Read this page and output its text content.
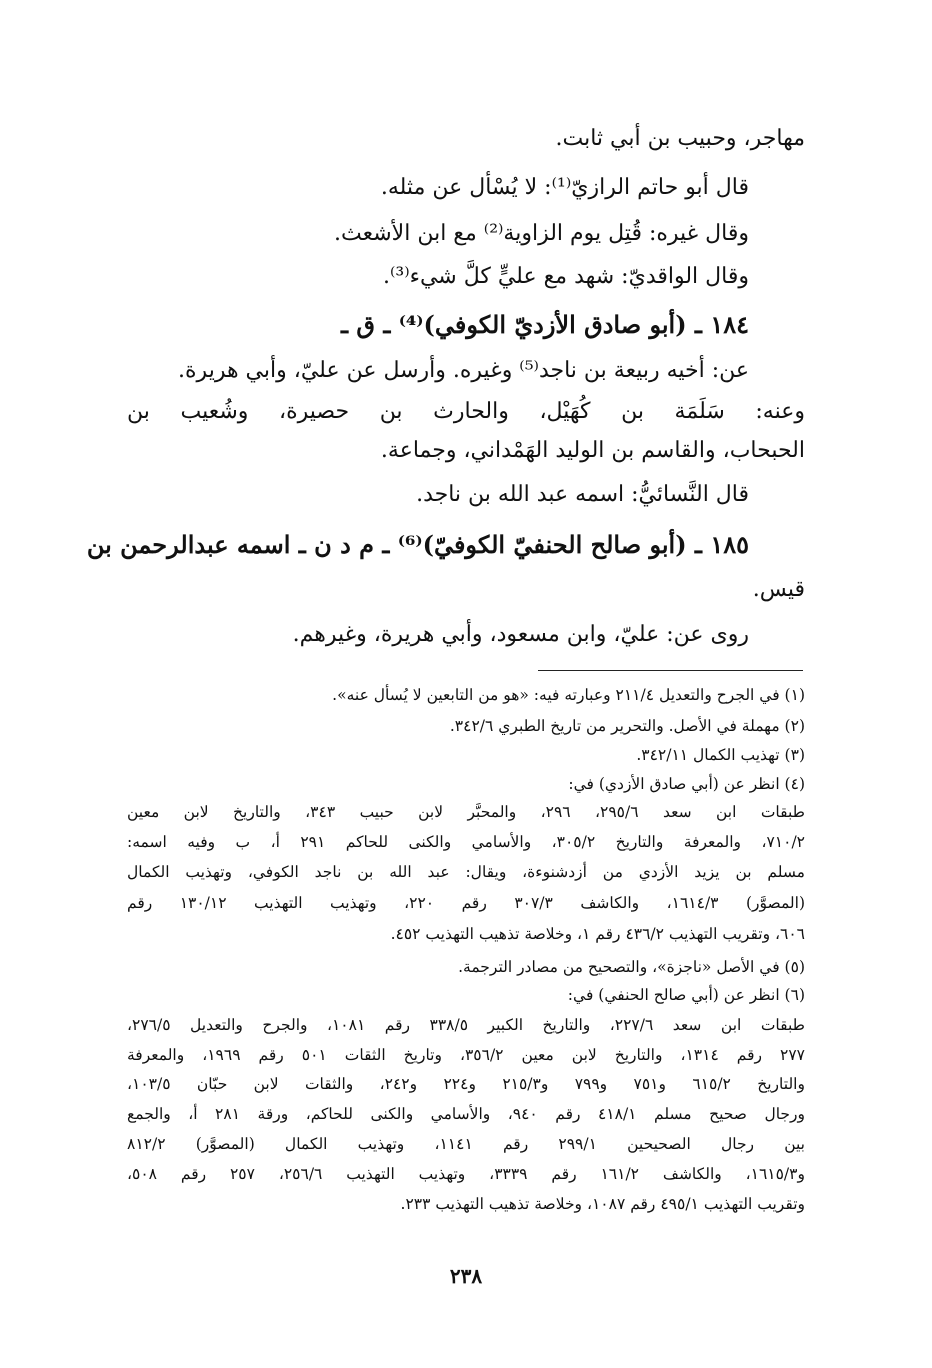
مهاجر، وحبيب بن أبي ثابت.
قال أبو حاتم الرازيّ⁽¹⁾: لا يُسْأل عن مثله.
وقال غيره: قُتِل يوم الزاوية⁽²⁾ مع ابن الأشعث.
وقال الواقديّ: شهد مع عليٍّ كلَّ شيء⁽³⁾.
١٨٤ ـ (أبو صادق الأزديّ الكوفي)⁽⁴⁾ ـ ق ـ
عن: أخيه ربيعة بن ناجد⁽⁵⁾ وغيره. وأرسل عن عليّ، وأبي هريرة.
وعنه: سَلَمَة بن كُهَيْل، والحارث بن حصيرة، وشُعيب بن
الحبحاب، والقاسم بن الوليد الهَمْداني، وجماعة.
قال النَّسائيُّ: اسمه عبد الله بن ناجد.
١٨٥ ـ (أبو صالح الحنفيّ الكوفيّ)⁽⁶⁾ ـ م د ن ـ اسمه عبدالرحمن بن
قيس.
روى عن: عليّ، وابن مسعود، وأبي هريرة، وغيرهم.
(١) في الجرح والتعديل ٢١١/٤ وعبارته فيه: «هو من التابعين لا يُسأل عنه».
(٢) مهملة في الأصل. والتحرير من تاريخ الطبري ٣٤٢/٦.
(٣) تهذيب الكمال ٣٤٢/١١.
(٤) انظر عن (أبي صادق الأزدي) في:
طبقات ابن سعد ٢٩٥/٦، ٢٩٦، والمحبَّر لابن حبيب ٣٤٣، والتاريخ لابن معين
٧١٠/٢، والمعرفة والتاريخ ٣٠٥/٢، والأسامي والكنى للحاكم ٢٩١ أ، ب وفيه اسمه:
مسلم بن يزيد الأزدي من أزدشنوءة، ويقال: عبد الله بن ناجد الكوفي، وتهذيب الكمال
(المصوَّر) ١٦١٤/٣، والكاشف ٣٠٧/٣ رقم ٢٢٠، وتهذيب التهذيب ١٣٠/١٢ رقم
٦٠٦، وتقريب التهذيب ٤٣٦/٢ رقم ١، وخلاصة تذهيب التهذيب ٤٥٢.
(٥) في الأصل «ناجزة»، والتصحيح من مصادر الترجمة.
(٦) انظر عن (أبي صالح الحنفي) في:
طبقات ابن سعد ٢٢٧/٦، والتاريخ الكبير ٣٣٨/٥ رقم ١٠٨١، والجرح والتعديل ٢٧٦/٥،
٢٧٧ رقم ١٣١٤، والتاريخ لابن معين ٣٥٦/٢، وتاريخ الثقات ٥٠١ رقم ١٩٦٩، والمعرفة
والتاريخ ٦١٥/٢ و٧٥١ و٧٩٩ و٢١٥/٣ و٢٢٤ و٢٤٢، والثقات لابن حبّان ١٠٣/٥،
ورجال صحيح مسلم ٤١٨/١ رقم ٩٤٠، والأسامي والكنى للحاكم، ورقة ٢٨١ أ، والجمع
بين رجال الصحيحين ٢٩٩/١ رقم ١١٤١، وتهذيب الكمال (المصوَّر) ٨١٢/٢
و١٦١٥/٣، والكاشف ١٦١/٢ رقم ٣٣٣٩، وتهذيب التهذيب ٢٥٦/٦، ٢٥٧ رقم ٥٠٨،
وتقريب التهذيب ٤٩٥/١ رقم ١٠٨٧، وخلاصة تذهيب التهذيب ٢٣٣.
٢٣٨
